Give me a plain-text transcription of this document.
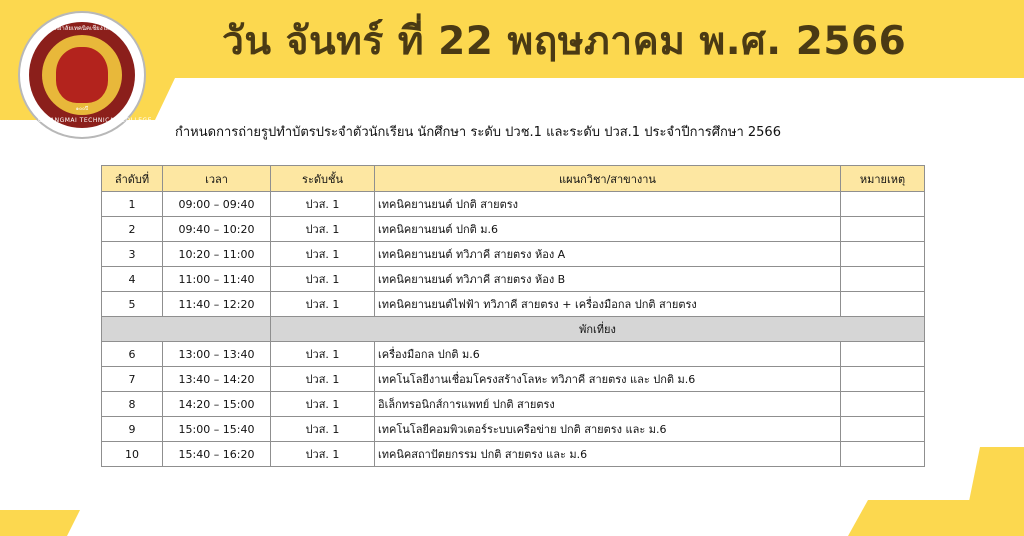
วิทยาลัยเทคนิคเชียงใหม่
๑๐๐ปี
CHIANGMAI TECHNICAL COLLEGE
วัน จันทร์ ที่ 22 พฤษภาคม พ.ศ. 2566
กำหนดการถ่ายรูปทำบัตรประจำตัวนักเรียน นักศึกษา ระดับ ปวช.1 และระดับ ปวส.1 ประจำปีการศึกษา 2566
ลำดับที่	เวลา	ระดับชั้น	แผนกวิชา/สาขางาน	หมายเหตุ
1	09:00 – 09:40	ปวส. 1	เทคนิคยานยนต์ ปกติ สายตรง	
2	09:40 – 10:20	ปวส. 1	เทคนิคยานยนต์ ปกติ ม.6	
3	10:20 – 11:00	ปวส. 1	เทคนิคยานยนต์ ทวิภาคี สายตรง ห้อง A	
4	11:00 – 11:40	ปวส. 1	เทคนิคยานยนต์ ทวิภาคี สายตรง ห้อง B	
5	11:40 – 12:20	ปวส. 1	เทคนิคยานยนต์ไฟฟ้า ทวิภาคี สายตรง + เครื่องมือกล ปกติ สายตรง	
		พักเที่ยง		
6	13:00 – 13:40	ปวส. 1	เครื่องมือกล ปกติ ม.6	
7	13:40 – 14:20	ปวส. 1	เทคโนโลยีงานเชื่อมโครงสร้างโลหะ ทวิภาคี สายตรง และ ปกติ ม.6	
8	14:20 – 15:00	ปวส. 1	อิเล็กทรอนิกส์การแพทย์ ปกติ สายตรง	
9	15:00 – 15:40	ปวส. 1	เทคโนโลยีคอมพิวเตอร์ระบบเครือข่าย ปกติ สายตรง และ ม.6	
10	15:40 – 16:20	ปวส. 1	เทคนิคสถาปัตยกรรม ปกติ สายตรง และ ม.6	
